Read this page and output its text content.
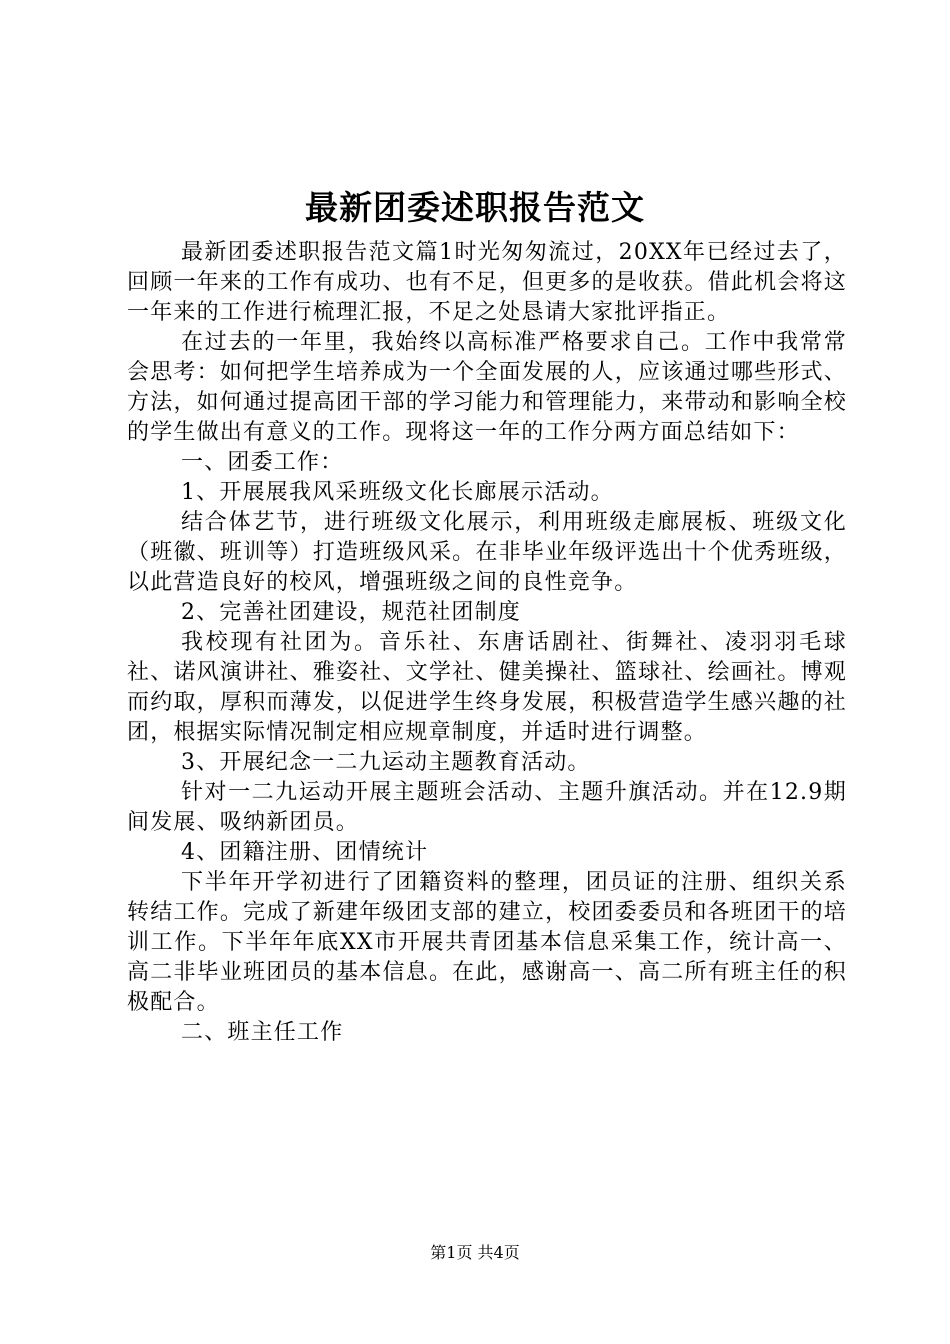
最新团委述职报告范文

最新团委述职报告范文篇1时光匆匆流过，20XX年已经过去了，回顾一年来的工作有成功、也有不足，但更多的是收获。借此机会将这一年来的工作进行梳理汇报，不足之处恳请大家批评指正。

在过去的一年里，我始终以高标准严格要求自己。工作中我常常会思考：如何把学生培养成为一个全面发展的人，应该通过哪些形式、方法，如何通过提高团干部的学习能力和管理能力，来带动和影响全校的学生做出有意义的工作。现将这一年的工作分两方面总结如下：

一、团委工作：

1、开展展我风采班级文化长廊展示活动。

结合体艺节，进行班级文化展示，利用班级走廊展板、班级文化（班徽、班训等）打造班级风采。在非毕业年级评选出十个优秀班级，以此营造良好的校风，增强班级之间的良性竞争。

2、完善社团建设，规范社团制度

我校现有社团为。音乐社、东唐话剧社、街舞社、凌羽羽毛球社、诺风演讲社、雅姿社、文学社、健美操社、篮球社、绘画社。博观而约取，厚积而薄发，以促进学生终身发展，积极营造学生感兴趣的社团，根据实际情况制定相应规章制度，并适时进行调整。

3、开展纪念一二九运动主题教育活动。

针对一二九运动开展主题班会活动、主题升旗活动。并在12.9期间发展、吸纳新团员。

4、团籍注册、团情统计

下半年开学初进行了团籍资料的整理，团员证的注册、组织关系转结工作。完成了新建年级团支部的建立，校团委委员和各班团干的培训工作。下半年年底XX市开展共青团基本信息采集工作，统计高一、高二非毕业班团员的基本信息。在此，感谢高一、高二所有班主任的积极配合。

二、班主任工作

第1页 共4页
